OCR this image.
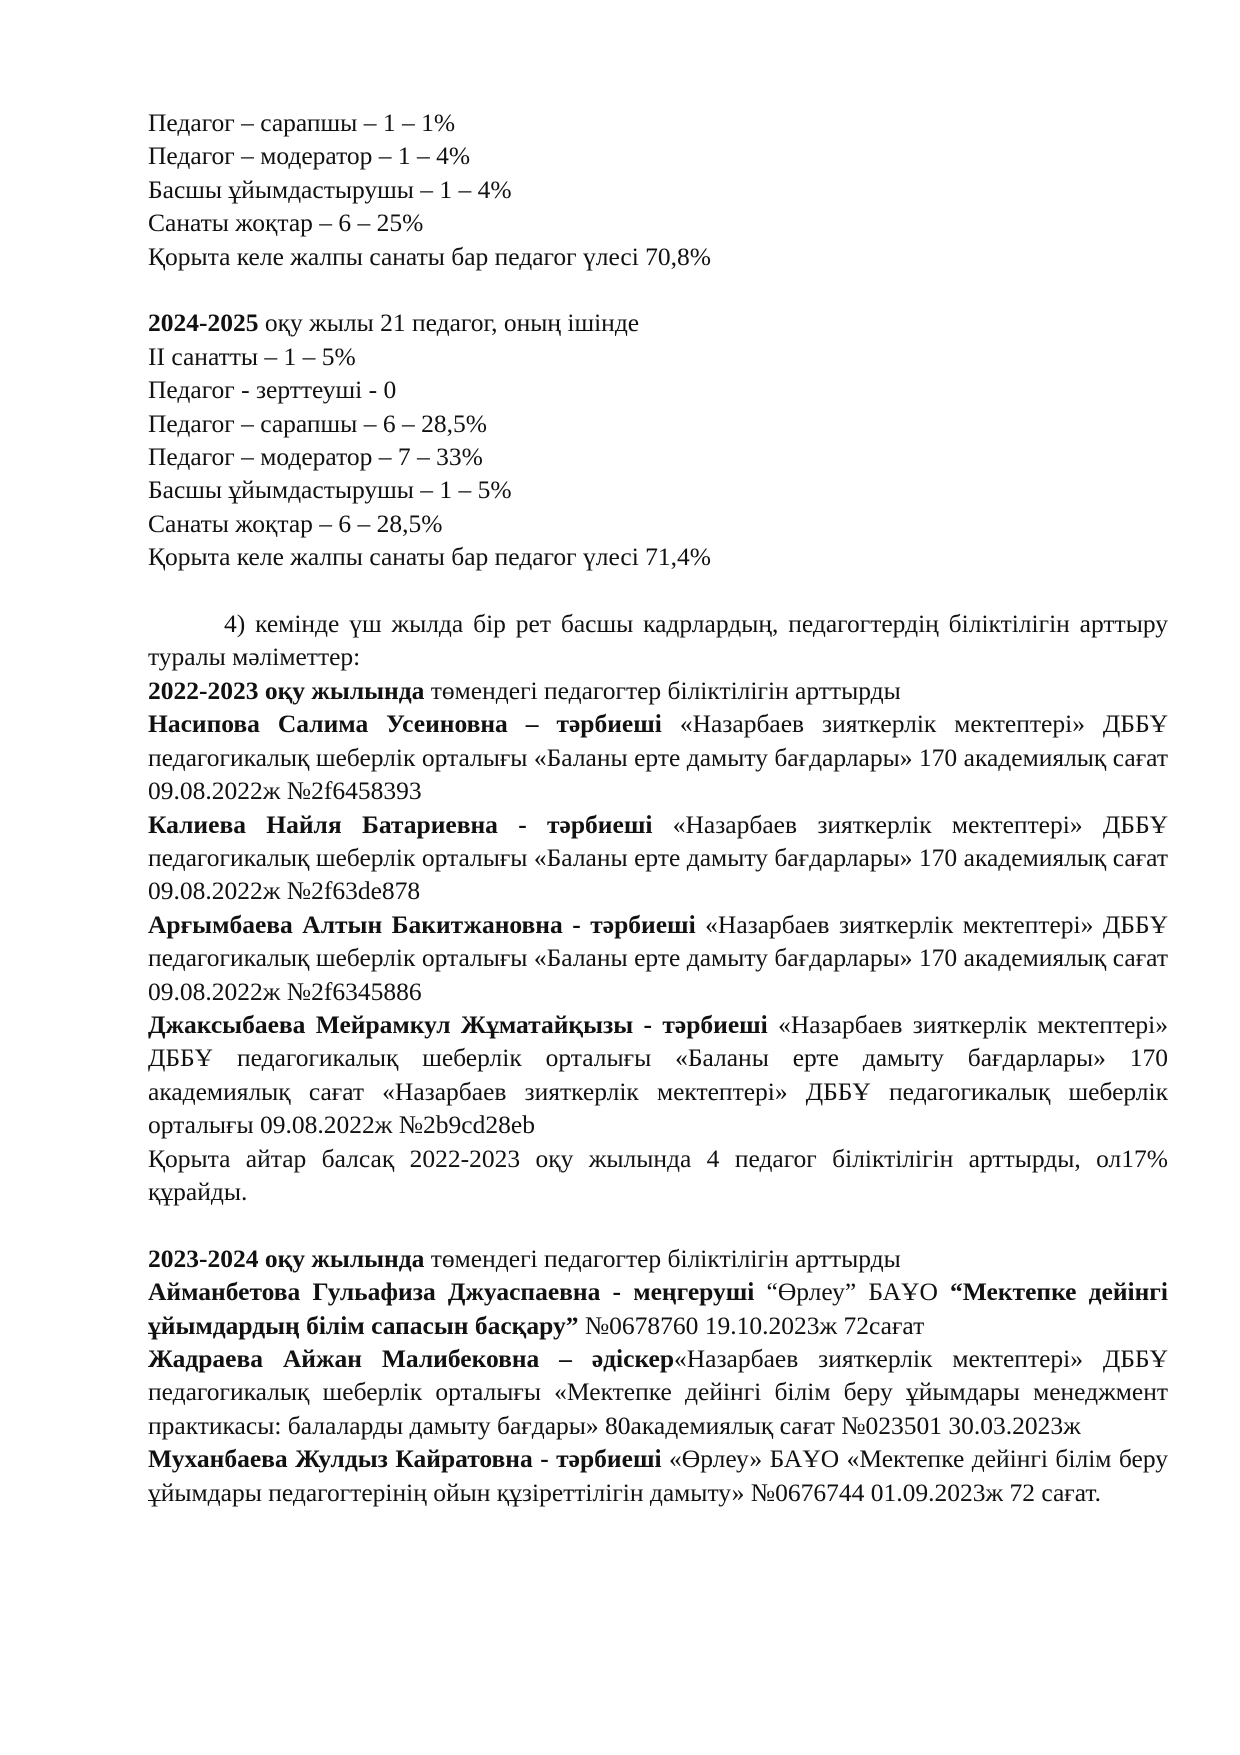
Педагог – сарапшы – 1 – 1%

Педагог – модератор – 1 – 4%

Басшы ұйымдастырушы – 1 – 4%

Санаты жоқтар – 6 – 25%

Қорыта келе жалпы санаты бар педагог үлесі 70,8%

2024-2025 оқу жылы 21 педагог, оның ішінде

II санатты – 1 – 5%

Педагог - зерттеуші - 0

Педагог – сарапшы – 6 – 28,5%

Педагог – модератор – 7 – 33%

Басшы ұйымдастырушы – 1 – 5%

Санаты жоқтар – 6 – 28,5%

Қорыта келе жалпы санаты бар педагог үлесі 71,4%

4) кемінде үш жылда бір рет басшы кадрлардың, педагогтердің біліктілігін арттыру туралы мәліметтер:

2022-2023 оқу жылында төмендегі педагогтер біліктілігін арттырды

Насипова Салима Усеиновна – тәрбиеші «Назарбаев зияткерлік мектептері» ДББҰ педагогикалық шеберлік орталығы «Баланы ерте дамыту бағдарлары» 170 академиялық сағат 09.08.2022ж №2f6458393

Калиева Найля Батариевна - тәрбиеші «Назарбаев зияткерлік мектептері» ДББҰ педагогикалық шеберлік орталығы «Баланы ерте дамыту бағдарлары» 170 академиялық сағат 09.08.2022ж №2f63de878

Арғымбаева Алтын Бакитжановна - тәрбиеші «Назарбаев зияткерлік мектептері» ДББҰ педагогикалық шеберлік орталығы «Баланы ерте дамыту бағдарлары» 170 академиялық сағат 09.08.2022ж №2f6345886

Джаксыбаева Мейрамкул Жұматайқызы - тәрбиеші «Назарбаев зияткерлік мектептері» ДББҰ педагогикалық шеберлік орталығы «Баланы ерте дамыту бағдарлары» 170 академиялық сағат «Назарбаев зияткерлік мектептері» ДББҰ педагогикалық шеберлік орталығы 09.08.2022ж №2b9cd28eb

Қорыта айтар балсақ 2022-2023 оқу жылында 4 педагог біліктілігін арттырды, ол17% құрайды.

2023-2024 оқу жылында төмендегі педагогтер біліктілігін арттырды

Айманбетова Гульафиза Джуаспаевна - меңгеруші “Өрлеу” БАҰО “Мектепке дейінгі ұйымдардың білім сапасын басқару” №0678760 19.10.2023ж 72сағат

Жадраева Айжан Малибековна – әдіскер«Назарбаев зияткерлік мектептері» ДББҰ педагогикалық шеберлік орталығы «Мектепке дейінгі білім беру ұйымдары менеджмент практикасы: балаларды дамыту бағдары» 80академиялық сағат №023501 30.03.2023ж

Муханбаева Жулдыз Кайратовна - тәрбиеші «Өрлеу» БАҰО «Мектепке дейінгі білім беру ұйымдары педагогтерінің ойын құзіреттілігін дамыту» №0676744 01.09.2023ж 72 сағат.
